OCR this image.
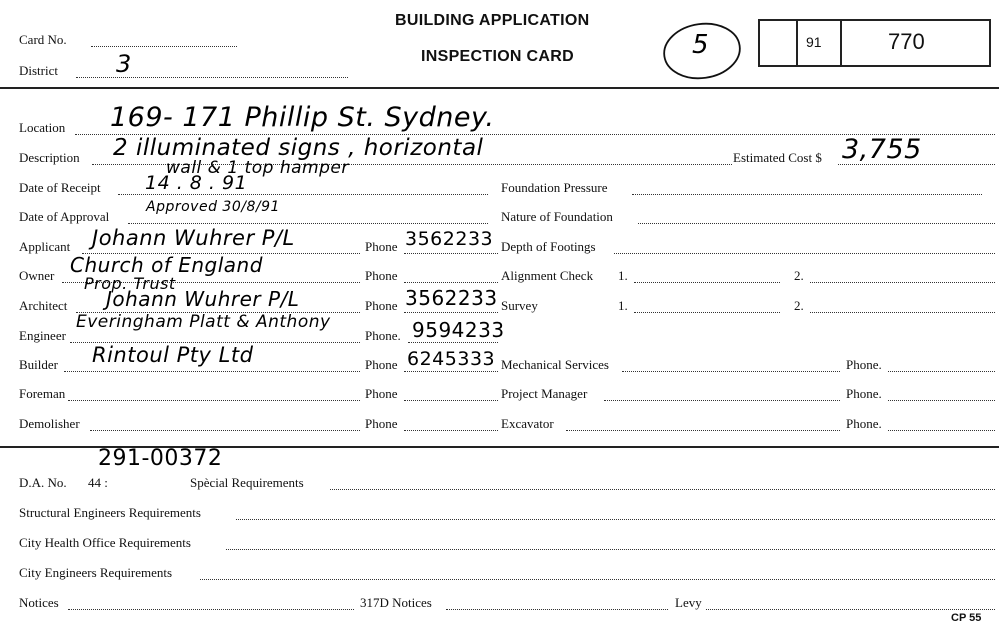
Card No.
District 3
BUILDING APPLICATION
INSPECTION CARD	5	91	770
Location 169- 171 Phillip St. Sydney.
Description 2 illuminated signs , horizontal
wall & 1 top hamper
Estimated Cost $ 3,755
Date of Receipt 14 . 8 . 91	Foundation Pressure
Date of Approval
Approved 30/8/91
Nature of Foundation
Applicant Johann Wuhrer P/L	Phone 3562233 Depth of Footings
Owner Church of England
Prop. Trust	Phone	Alignment Check 1.	2.
Architect Johann Wuhrer P/L	Phone 3562233 Survey	1.	2.
Engineer
Everingham Platt & Anthony
Phone. 9594233
Builder Rintoul Pty Ltd	Phone 6245333 Mechanical Services	Phone.
Foreman	Phone	Project Manager	Phone.
Demolisher	Phone	Excavator	Phone.
291-00372
D.A. No. 44 :	Spècial Requirements
Structural Engineers Requirements
City Health Office Requirements
City Engineers Requirements
Notices	317D Notices	Levy
CP 55
